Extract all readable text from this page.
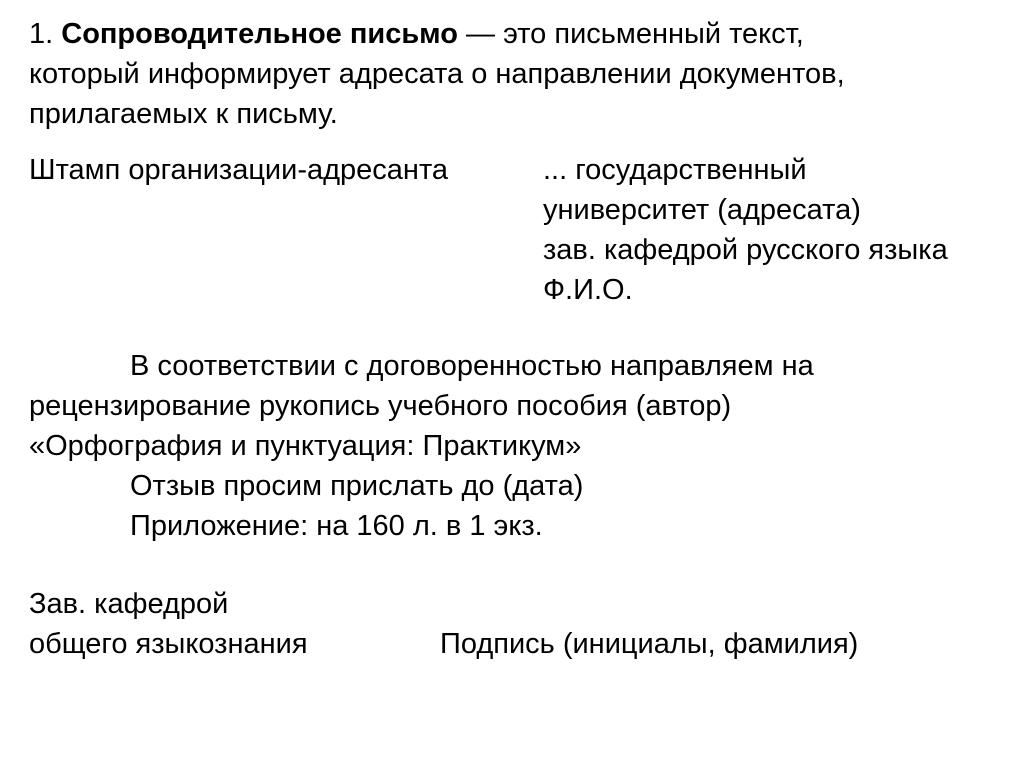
1. Сопроводительное письмо — это письменный текст,
который информирует адресата о направлении документов,
прилагаемых к письму.
Штамп организации-адресанта	... государственный
университет (адресата)
зав. кафедрой русского языка
Ф.И.О.
В соответствии с договоренностью направляем на
рецензирование рукопись учебного пособия (автор)
«Орфография и пунктуация: Практикум»
Отзыв просим прислать до (дата)
Приложение: на 160 л. в 1 экз.
Зав. кафедрой
общего языкознания	Подпись (инициалы, фамилия)
